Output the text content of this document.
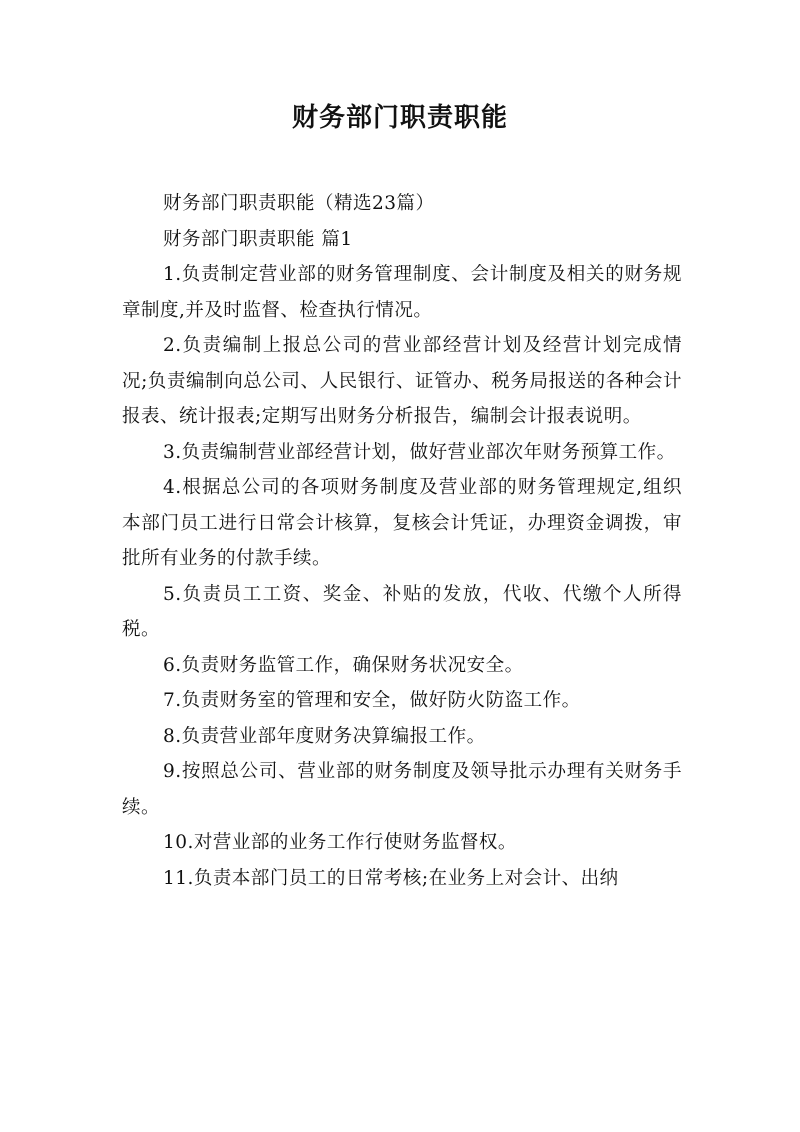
财务部门职责职能

财务部门职责职能（精选23篇）

财务部门职责职能 篇1

1.负责制定营业部的财务管理制度、会计制度及相关的财务规章制度,并及时监督、检查执行情况。

2.负责编制上报总公司的营业部经营计划及经营计划完成情况;负责编制向总公司、人民银行、证管办、税务局报送的各种会计报表、统计报表;定期写出财务分析报告，编制会计报表说明。

3.负责编制营业部经营计划，做好营业部次年财务预算工作。

4.根据总公司的各项财务制度及营业部的财务管理规定,组织本部门员工进行日常会计核算，复核会计凭证，办理资金调拨，审批所有业务的付款手续。

5.负责员工工资、奖金、补贴的发放，代收、代缴个人所得税。

6.负责财务监管工作，确保财务状况安全。

7.负责财务室的管理和安全，做好防火防盗工作。

8.负责营业部年度财务决算编报工作。

9.按照总公司、营业部的财务制度及领导批示办理有关财务手续。

10.对营业部的业务工作行使财务监督权。

11.负责本部门员工的日常考核;在业务上对会计、出纳
